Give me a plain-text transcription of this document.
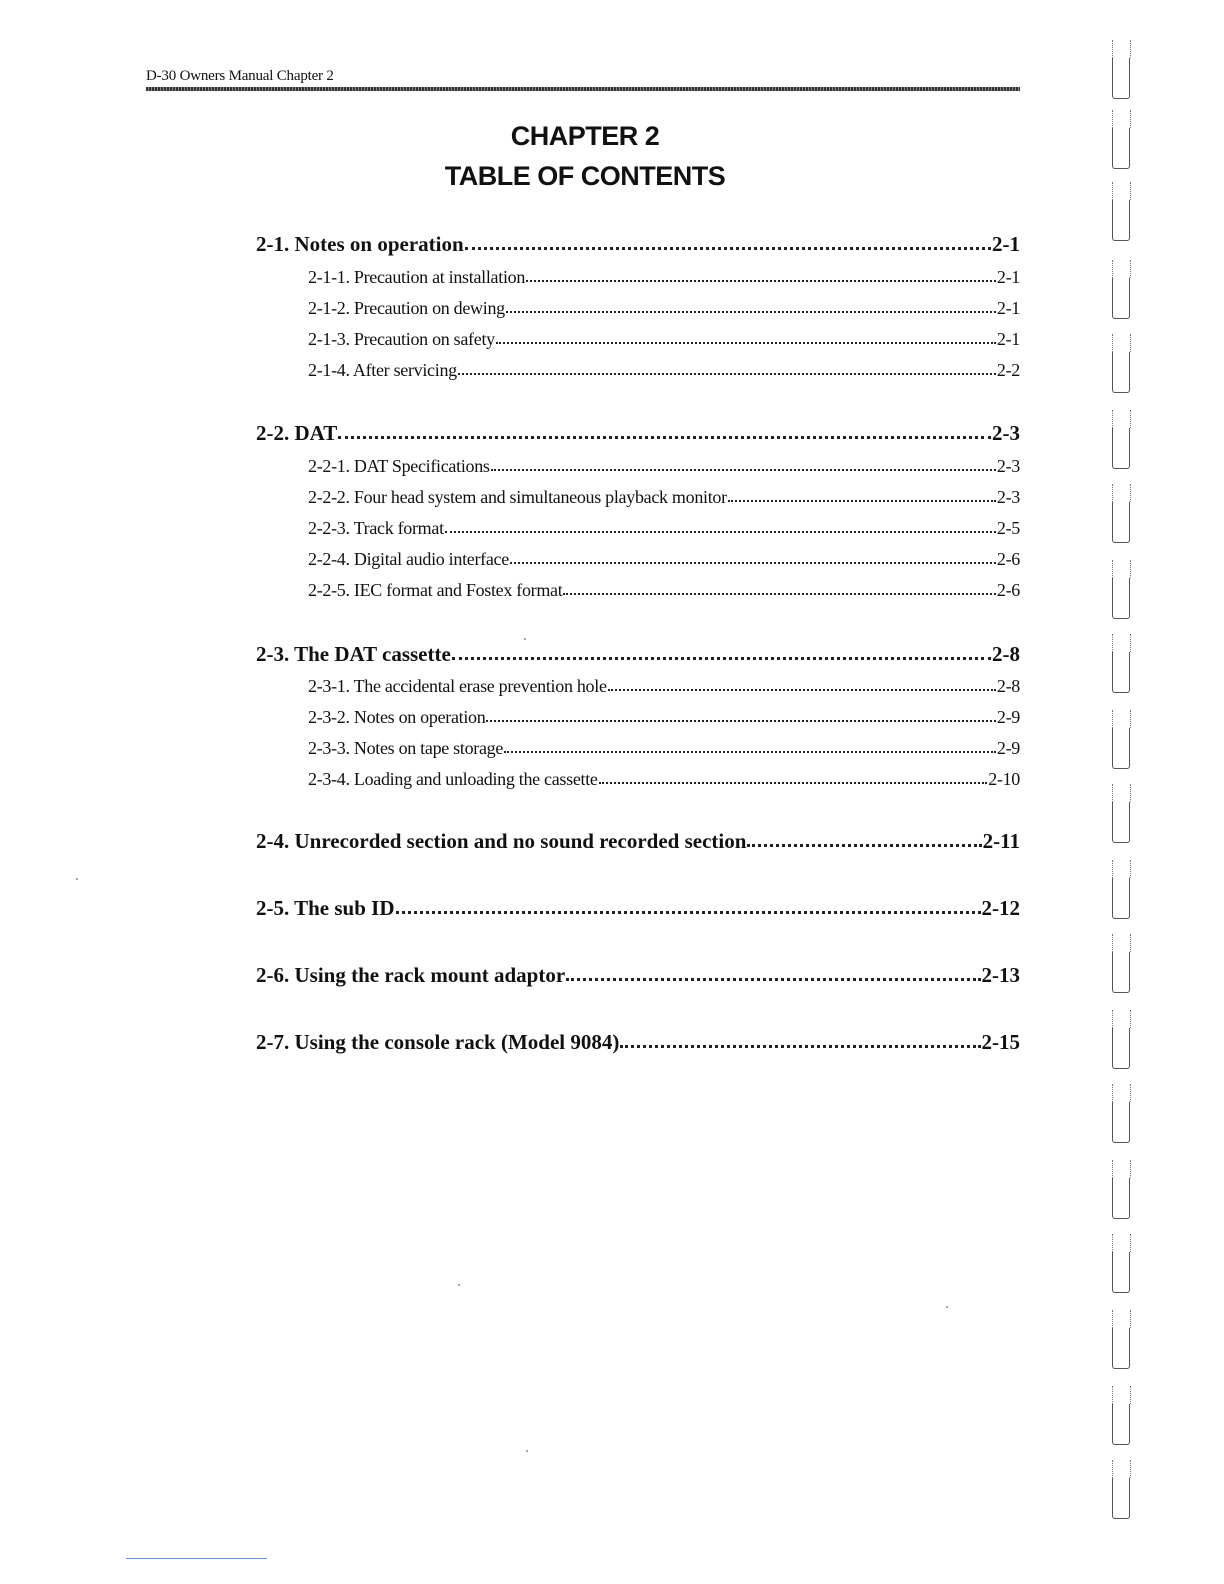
D-30 Owners Manual Chapter 2
CHAPTER 2
TABLE OF CONTENTS
2-1. Notes on operation	2-1
2-1-1. Precaution at installation	2-1
2-1-2. Precaution on dewing	2-1
2-1-3. Precaution on safety	2-1
2-1-4. After servicing	2-2
2-2. DAT	2-3
2-2-1. DAT Specifications	2-3
2-2-2. Four head system and simultaneous playback monitor	2-3
2-2-3. Track format	2-5
2-2-4. Digital audio interface	2-6
2-2-5. IEC format and Fostex format	2-6
2-3. The DAT cassette	2-8
2-3-1. The accidental erase prevention hole	2-8
2-3-2. Notes on operation	2-9
2-3-3. Notes on tape storage	2-9
2-3-4. Loading and unloading the cassette	2-10
2-4. Unrecorded section and no sound recorded section	2-11
2-5. The sub ID	2-12
2-6. Using the rack mount adaptor	2-13
2-7. Using the console rack (Model 9084)	2-15
